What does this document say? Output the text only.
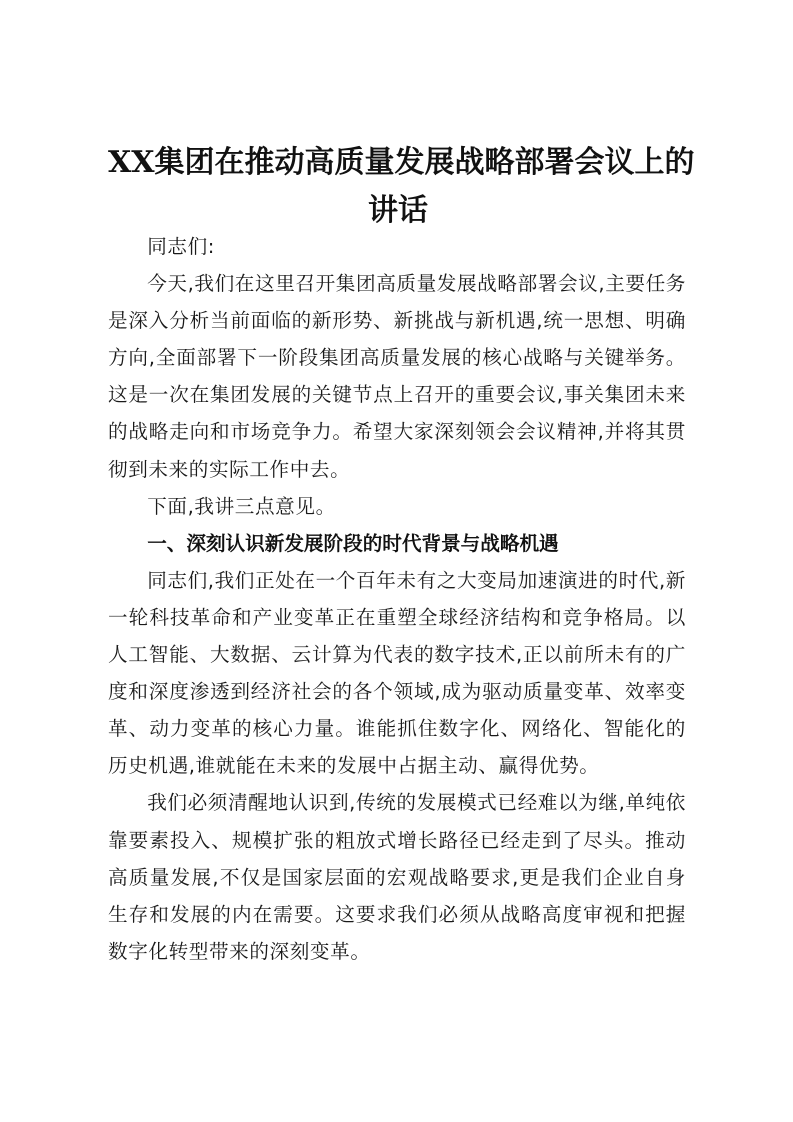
XX集团在推动高质量发展战略部署会议上的
讲话

同志们:

今天,我们在这里召开集团高质量发展战略部署会议,主要任务是深入分析当前面临的新形势、新挑战与新机遇,统一思想、明确方向,全面部署下一阶段集团高质量发展的核心战略与关键举务。这是一次在集团发展的关键节点上召开的重要会议,事关集团未来的战略走向和市场竞争力。希望大家深刻领会会议精神,并将其贯彻到未来的实际工作中去。

下面,我讲三点意见。

一、深刻认识新发展阶段的时代背景与战略机遇

同志们,我们正处在一个百年未有之大变局加速演进的时代,新一轮科技革命和产业变革正在重塑全球经济结构和竞争格局。以人工智能、大数据、云计算为代表的数字技术,正以前所未有的广度和深度渗透到经济社会的各个领域,成为驱动质量变革、效率变革、动力变革的核心力量。谁能抓住数字化、网络化、智能化的历史机遇,谁就能在未来的发展中占据主动、赢得优势。

我们必须清醒地认识到,传统的发展模式已经难以为继,单纯依靠要素投入、规模扩张的粗放式增长路径已经走到了尽头。推动高质量发展,不仅是国家层面的宏观战略要求,更是我们企业自身生存和发展的内在需要。这要求我们必须从战略高度审视和把握数字化转型带来的深刻变革。
